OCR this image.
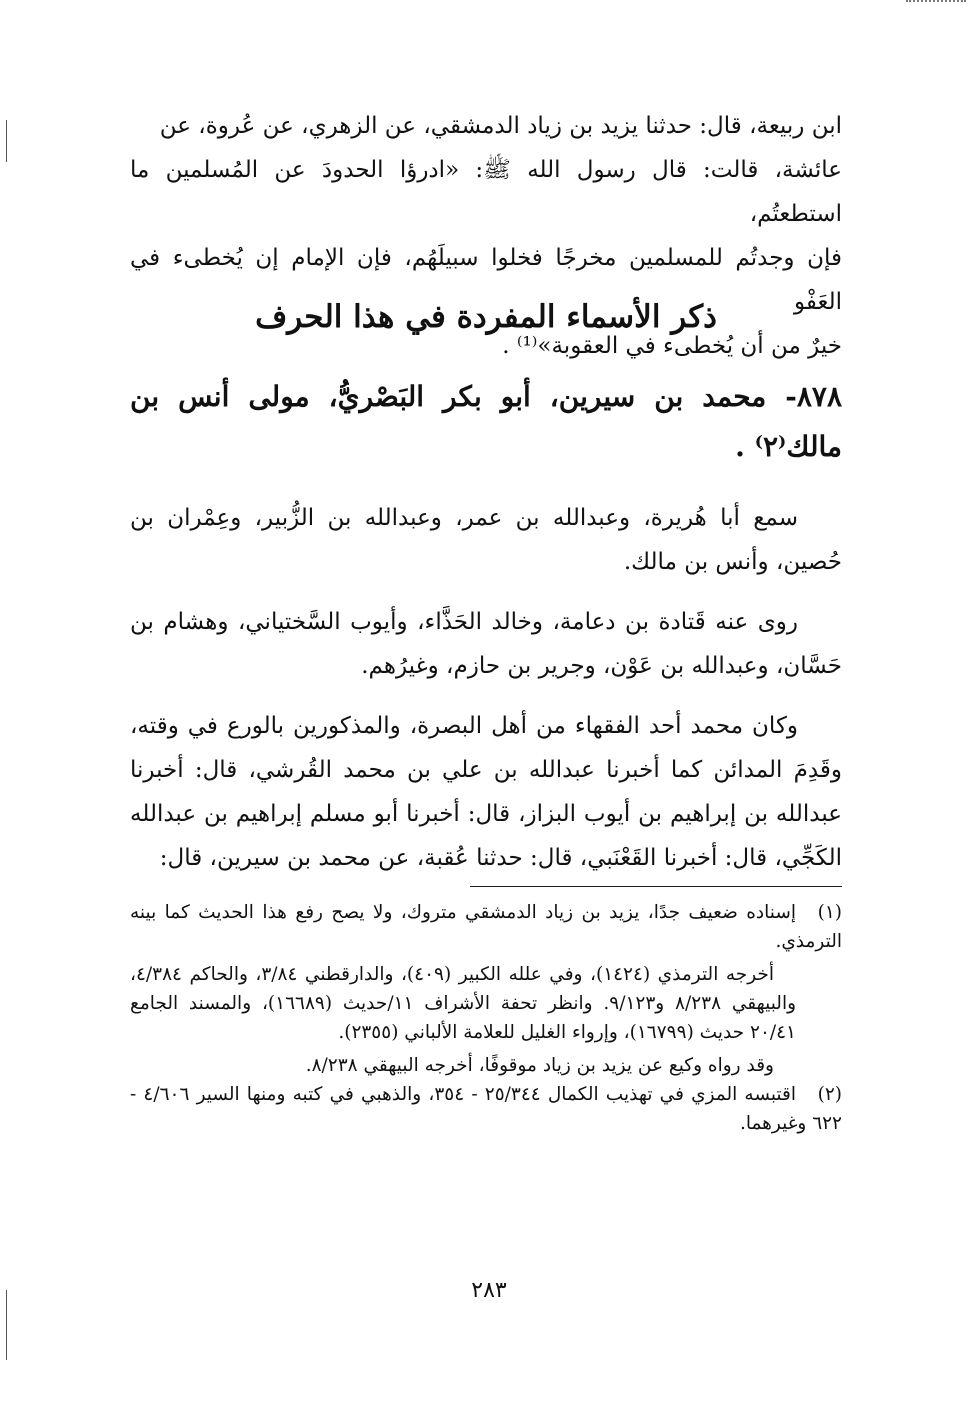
ابن ربيعة، قال: حدثنا يزيد بن زياد الدمشقي، عن الزهري، عن عُروة، عن

عائشة، قالت: قال رسول الله ﷺ: «ادرؤا الحدودَ عن المُسلمين ما استطعتُم،

فإن وجدتُم للمسلمين مخرجًا فخلوا سبيلَهُم، فإن الإمام إن يُخطىء في العَفْو

خيرٌ من أن يُخطىء في العقوبة»⁽¹⁾ .

ذكر الأسماء المفردة في هذا الحرف

٨٧٨- محمد بن سيرين، أبو بكر البَصْريُّ، مولى أنس بن مالك⁽٢⁾ .

سمع أبا هُريرة، وعبدالله بن عمر، وعبدالله بن الزُّبير، وعِمْران بن حُصين، وأنس بن مالك.

روى عنه قَتادة بن دعامة، وخالد الحَذَّاء، وأيوب السَّختياني، وهشام بن حَسَّان، وعبدالله بن عَوْن، وجرير بن حازم، وغيرُهم.

وكان محمد أحد الفقهاء من أهل البصرة، والمذكورين بالورع في وقته، وقَدِمَ المدائن كما أخبرنا عبدالله بن علي بن محمد القُرشي، قال: أخبرنا عبدالله بن إبراهيم بن أيوب البزاز، قال: أخبرنا أبو مسلم إبراهيم بن عبدالله الكَجِّي، قال: أخبرنا القَعْنَبي، قال: حدثنا عُقبة، عن محمد بن سيرين، قال:

(١)إسناده ضعيف جدًا، يزيد بن زياد الدمشقي متروك، ولا يصح رفع هذا الحديث كما بينه الترمذي.

أخرجه الترمذي (١٤٢٤)، وفي علله الكبير (٤٠٩)، والدارقطني ٣/٨٤، والحاكم ٤/٣٨٤، والبيهقي ٨/٢٣٨ و٩/١٢٣. وانظر تحفة الأشراف ١١/حديث (١٦٦٨٩)، والمسند الجامع ٢٠/٤١ حديث (١٦٧٩٩)، وإرواء الغليل للعلامة الألباني (٢٣٥٥).

وقد رواه وكيع عن يزيد بن زياد موقوفًا، أخرجه البيهقي ٨/٢٣٨.

(٢)اقتبسه المزي في تهذيب الكمال ٢٥/٣٤٤ - ٣٥٤، والذهبي في كتبه ومنها السير ٤/٦٠٦ - ٦٢٢ وغيرهما.

٢٨٣
